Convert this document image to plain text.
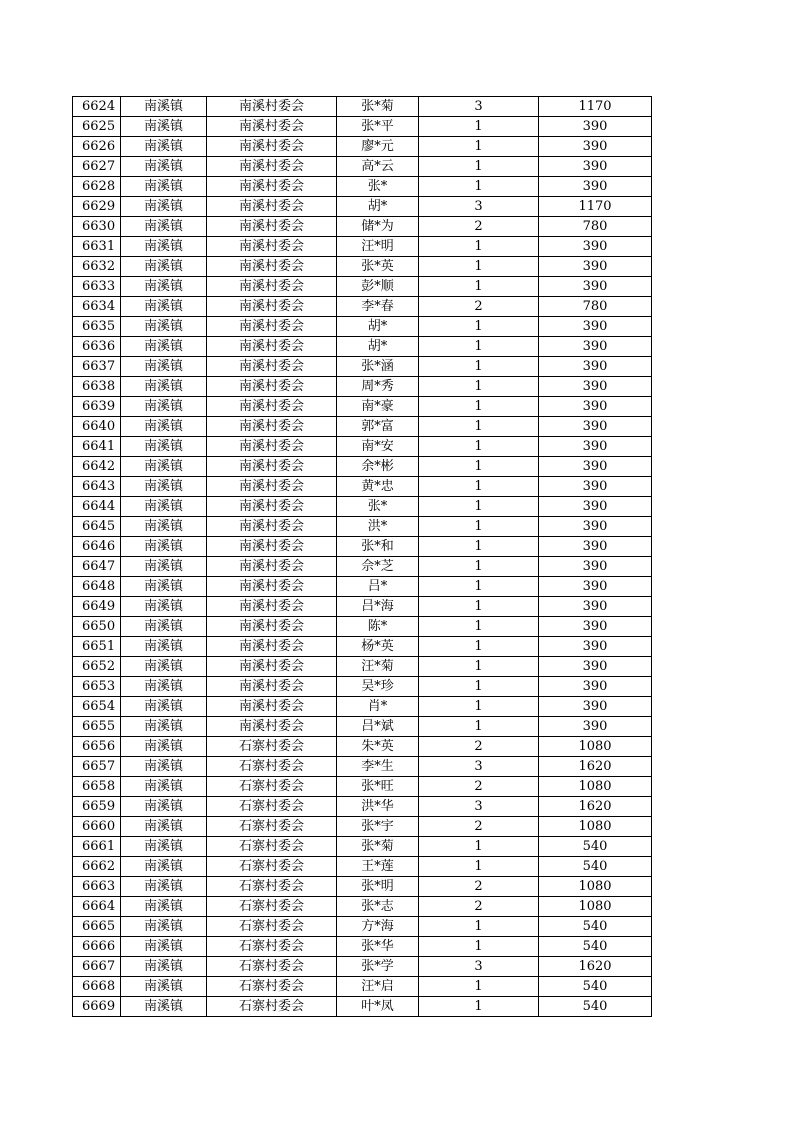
6624	南溪镇	南溪村委会	张*菊	3	1170
6625	南溪镇	南溪村委会	张*平	1	390
6626	南溪镇	南溪村委会	廖*元	1	390
6627	南溪镇	南溪村委会	高*云	1	390
6628	南溪镇	南溪村委会	张*	1	390
6629	南溪镇	南溪村委会	胡*	3	1170
6630	南溪镇	南溪村委会	储*为	2	780
6631	南溪镇	南溪村委会	汪*明	1	390
6632	南溪镇	南溪村委会	张*英	1	390
6633	南溪镇	南溪村委会	彭*顺	1	390
6634	南溪镇	南溪村委会	李*春	2	780
6635	南溪镇	南溪村委会	胡*	1	390
6636	南溪镇	南溪村委会	胡*	1	390
6637	南溪镇	南溪村委会	张*涵	1	390
6638	南溪镇	南溪村委会	周*秀	1	390
6639	南溪镇	南溪村委会	南*豪	1	390
6640	南溪镇	南溪村委会	郭*富	1	390
6641	南溪镇	南溪村委会	南*安	1	390
6642	南溪镇	南溪村委会	余*彬	1	390
6643	南溪镇	南溪村委会	黄*忠	1	390
6644	南溪镇	南溪村委会	张*	1	390
6645	南溪镇	南溪村委会	洪*	1	390
6646	南溪镇	南溪村委会	张*和	1	390
6647	南溪镇	南溪村委会	佘*芝	1	390
6648	南溪镇	南溪村委会	吕*	1	390
6649	南溪镇	南溪村委会	吕*海	1	390
6650	南溪镇	南溪村委会	陈*	1	390
6651	南溪镇	南溪村委会	杨*英	1	390
6652	南溪镇	南溪村委会	汪*菊	1	390
6653	南溪镇	南溪村委会	吴*珍	1	390
6654	南溪镇	南溪村委会	肖*	1	390
6655	南溪镇	南溪村委会	吕*斌	1	390
6656	南溪镇	石寨村委会	朱*英	2	1080
6657	南溪镇	石寨村委会	李*生	3	1620
6658	南溪镇	石寨村委会	张*旺	2	1080
6659	南溪镇	石寨村委会	洪*华	3	1620
6660	南溪镇	石寨村委会	张*宇	2	1080
6661	南溪镇	石寨村委会	张*菊	1	540
6662	南溪镇	石寨村委会	王*莲	1	540
6663	南溪镇	石寨村委会	张*明	2	1080
6664	南溪镇	石寨村委会	张*志	2	1080
6665	南溪镇	石寨村委会	方*海	1	540
6666	南溪镇	石寨村委会	张*华	1	540
6667	南溪镇	石寨村委会	张*学	3	1620
6668	南溪镇	石寨村委会	汪*启	1	540
6669	南溪镇	石寨村委会	叶*凤	1	540
